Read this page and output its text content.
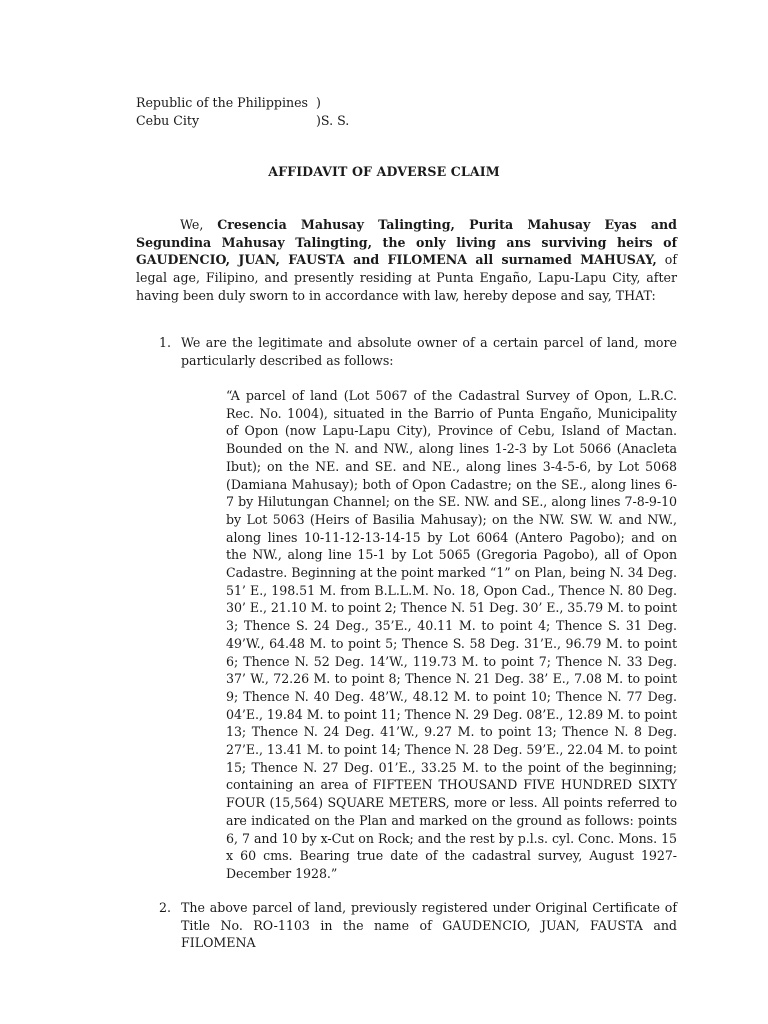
Republic of the Philippines )
Cebu City	)S. S.
AFFIDAVIT OF ADVERSE CLAIM

We, Cresencia Mahusay Talingting, Purita Mahusay Eyas and Segundina Mahusay Talingting, the only living ans surviving heirs of GAUDENCIO, JUAN, FAUSTA and FILOMENA all surnamed MAHUSAY, of legal age, Filipino, and presently residing at Punta Engaño, Lapu-Lapu City, after having been duly sworn to in accordance with law, hereby depose and say, THAT:

1. We are the legitimate and absolute owner of a certain parcel of land, more particularly described as follows:
“A parcel of land (Lot 5067 of the Cadastral Survey of Opon, L.R.C. Rec. No. 1004), situated in the Barrio of Punta Engaño, Municipality of Opon (now Lapu-Lapu City), Province of Cebu, Island of Mactan. Bounded on the N. and NW., along lines 1-2-3 by Lot 5066 (Anacleta Ibut); on the NE. and SE. and NE., along lines 3-4-5-6, by Lot 5068 (Damiana Mahusay); both of Opon Cadastre; on the SE., along lines 6-7 by Hilutungan Channel; on the SE. NW. and SE., along lines 7-8-9-10 by Lot 5063 (Heirs of Basilia Mahusay); on the NW. SW. W. and NW., along lines 10-11-12-13-14-15 by Lot 6064 (Antero Pagobo); and on the NW., along line 15-1 by Lot 5065 (Gregoria Pagobo), all of Opon Cadastre. Beginning at the point marked “1” on Plan, being N. 34 Deg. 51’ E., 198.51 M. from B.L.L.M. No. 18, Opon Cad., Thence N. 80 Deg. 30’ E., 21.10 M. to point 2; Thence N. 51 Deg. 30’ E., 35.79 M. to point 3; Thence S. 24 Deg., 35’E., 40.11 M. to point 4; Thence S. 31 Deg. 49’W., 64.48 M. to point 5; Thence S. 58 Deg. 31’E., 96.79 M. to point 6; Thence N. 52 Deg. 14’W., 119.73 M. to point 7; Thence N. 33 Deg. 37’ W., 72.26 M. to point 8; Thence N. 21 Deg. 38’ E., 7.08 M. to point 9; Thence N. 40 Deg. 48’W., 48.12 M. to point 10; Thence N. 77 Deg. 04’E., 19.84 M. to point 11; Thence N. 29 Deg. 08’E., 12.89 M. to point 13; Thence N. 24 Deg. 41’W., 9.27 M. to point 13; Thence N. 8 Deg. 27’E., 13.41 M. to point 14; Thence N. 28 Deg. 59’E., 22.04 M. to point 15; Thence N. 27 Deg. 01’E., 33.25 M. to the point of the beginning; containing an area of FIFTEEN THOUSAND FIVE HUNDRED SIXTY FOUR (15,564) SQUARE METERS, more or less. All points referred to are indicated on the Plan and marked on the ground as follows: points 6, 7 and 10 by x-Cut on Rock; and the rest by p.l.s. cyl. Conc. Mons. 15 x 60 cms. Bearing true date of the cadastral survey, August 1927-December 1928.”
2. The above parcel of land, previously registered under Original Certificate of Title No. RO-1103 in the name of GAUDENCIO, JUAN, FAUSTA and FILOMENA
